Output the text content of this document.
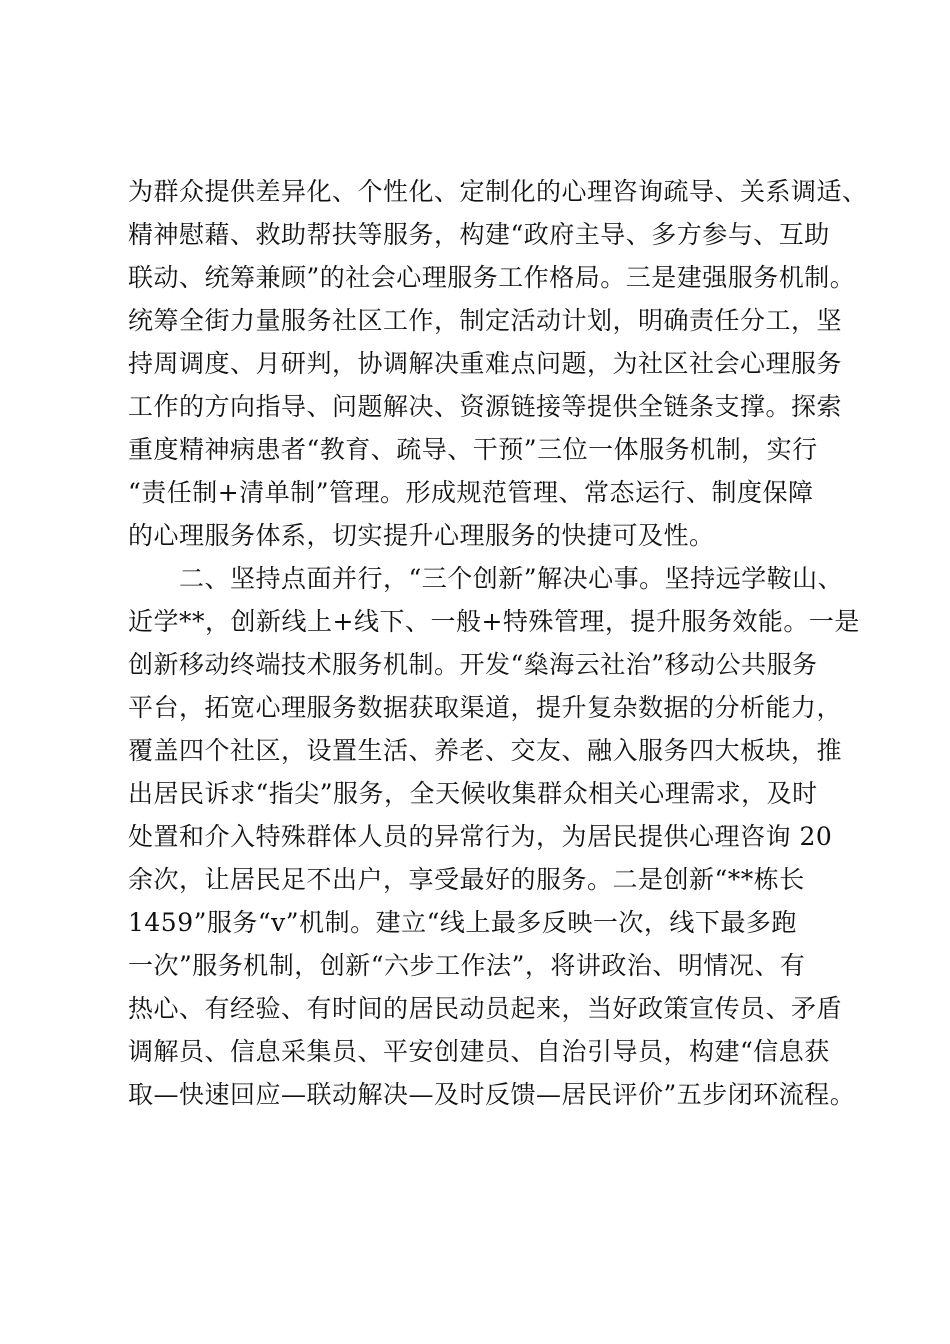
为群众提供差异化、个性化、定制化的心理咨询疏导、关系调适、
精神慰藉、救助帮扶等服务，构建“政府主导、多方参与、互助
联动、统筹兼顾”的社会心理服务工作格局。三是建强服务机制。
统筹全街力量服务社区工作，制定活动计划，明确责任分工，坚
持周调度、月研判，协调解决重难点问题，为社区社会心理服务
工作的方向指导、问题解决、资源链接等提供全链条支撑。探索
重度精神病患者“教育、疏导、干预”三位一体服务机制，实行
“责任制+清单制”管理。形成规范管理、常态运行、制度保障
的心理服务体系，切实提升心理服务的快捷可及性。
　　二、坚持点面并行，“三个创新”解决心事。坚持远学鞍山、
近学**，创新线上+线下、一般+特殊管理，提升服务效能。一是
创新移动终端技术服务机制。开发“燊海云社治”移动公共服务
平台，拓宽心理服务数据获取渠道，提升复杂数据的分析能力，
覆盖四个社区，设置生活、养老、交友、融入服务四大板块，推
出居民诉求“指尖”服务，全天候收集群众相关心理需求，及时
处置和介入特殊群体人员的异常行为，为居民提供心理咨询 20
余次，让居民足不出户，享受最好的服务。二是创新“**栋长
1459”服务“v”机制。建立“线上最多反映一次，线下最多跑
一次”服务机制，创新“六步工作法”，将讲政治、明情况、有
热心、有经验、有时间的居民动员起来，当好政策宣传员、矛盾
调解员、信息采集员、平安创建员、自治引导员，构建“信息获
取—快速回应—联动解决—及时反馈—居民评价”五步闭环流程。
